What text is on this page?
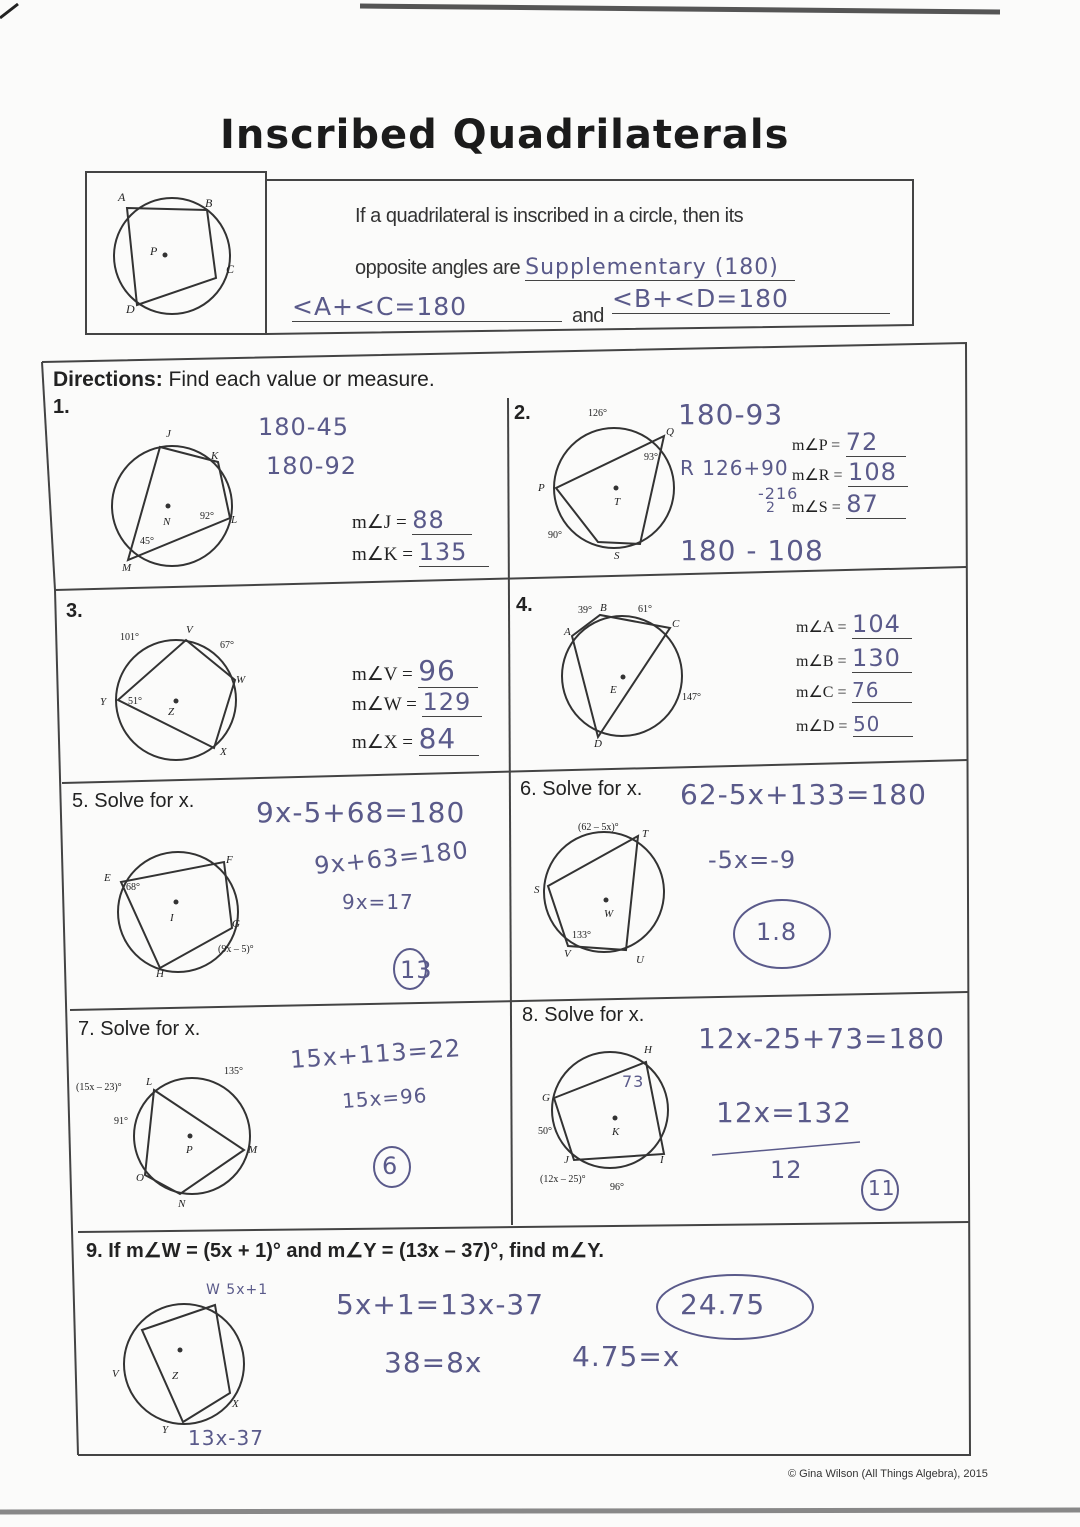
Inscribed Quadrilaterals
A	B
C
D
P
If a quadrilateral is inscribed in a circle, then its
opposite angles are Supplementary (180)
<A+<C=180	and
<B+<D=180
Directions: Find each value or measure.
1.
J
K
L
M
N	92°
45°
180-45
180-92
m∠J = 88
m∠K = 135
2.	126°
Q
93°
P
T
90°
S
180-93
R 126+90
-216
2
180 - 108
m∠P = 72
m∠R = 108
m∠S = 87
3.
101°
V
67°
W
Y 51°
Z
X
m∠V = 96
m∠W = 129
m∠X = 84
4.	39° B	61°
A
C
E
147°
D
m∠A = 104
m∠B = 130
m∠C = 76
m∠D = 50
5. Solve for x.
E
68°
F
I	G
(9x – 5)°
H
9x-5+68=180
9x+63=180
9x=17
13
6. Solve for x.
(62 – 5x)°
T
S
W
133°
V	U
62-5x+133=180
-5x=-9
1.8
7. Solve for x.
(15x – 23)° L
135°
91°
P	M
O
N
15x+113=22
15x=96
6
8. Solve for x.
H
73
G
50°	K
J	I
(12x – 25)°
96°
12x-25+73=180
12x=132
12
11
9. If m∠W = (5x + 1)° and m∠Y = (13x – 37)°, find m∠Y.
W 5x+1
V	Z
X
Y 13x-37
5x+1=13x-37
38=8x	4.75=x
24.75
© Gina Wilson (All Things Algebra), 2015
